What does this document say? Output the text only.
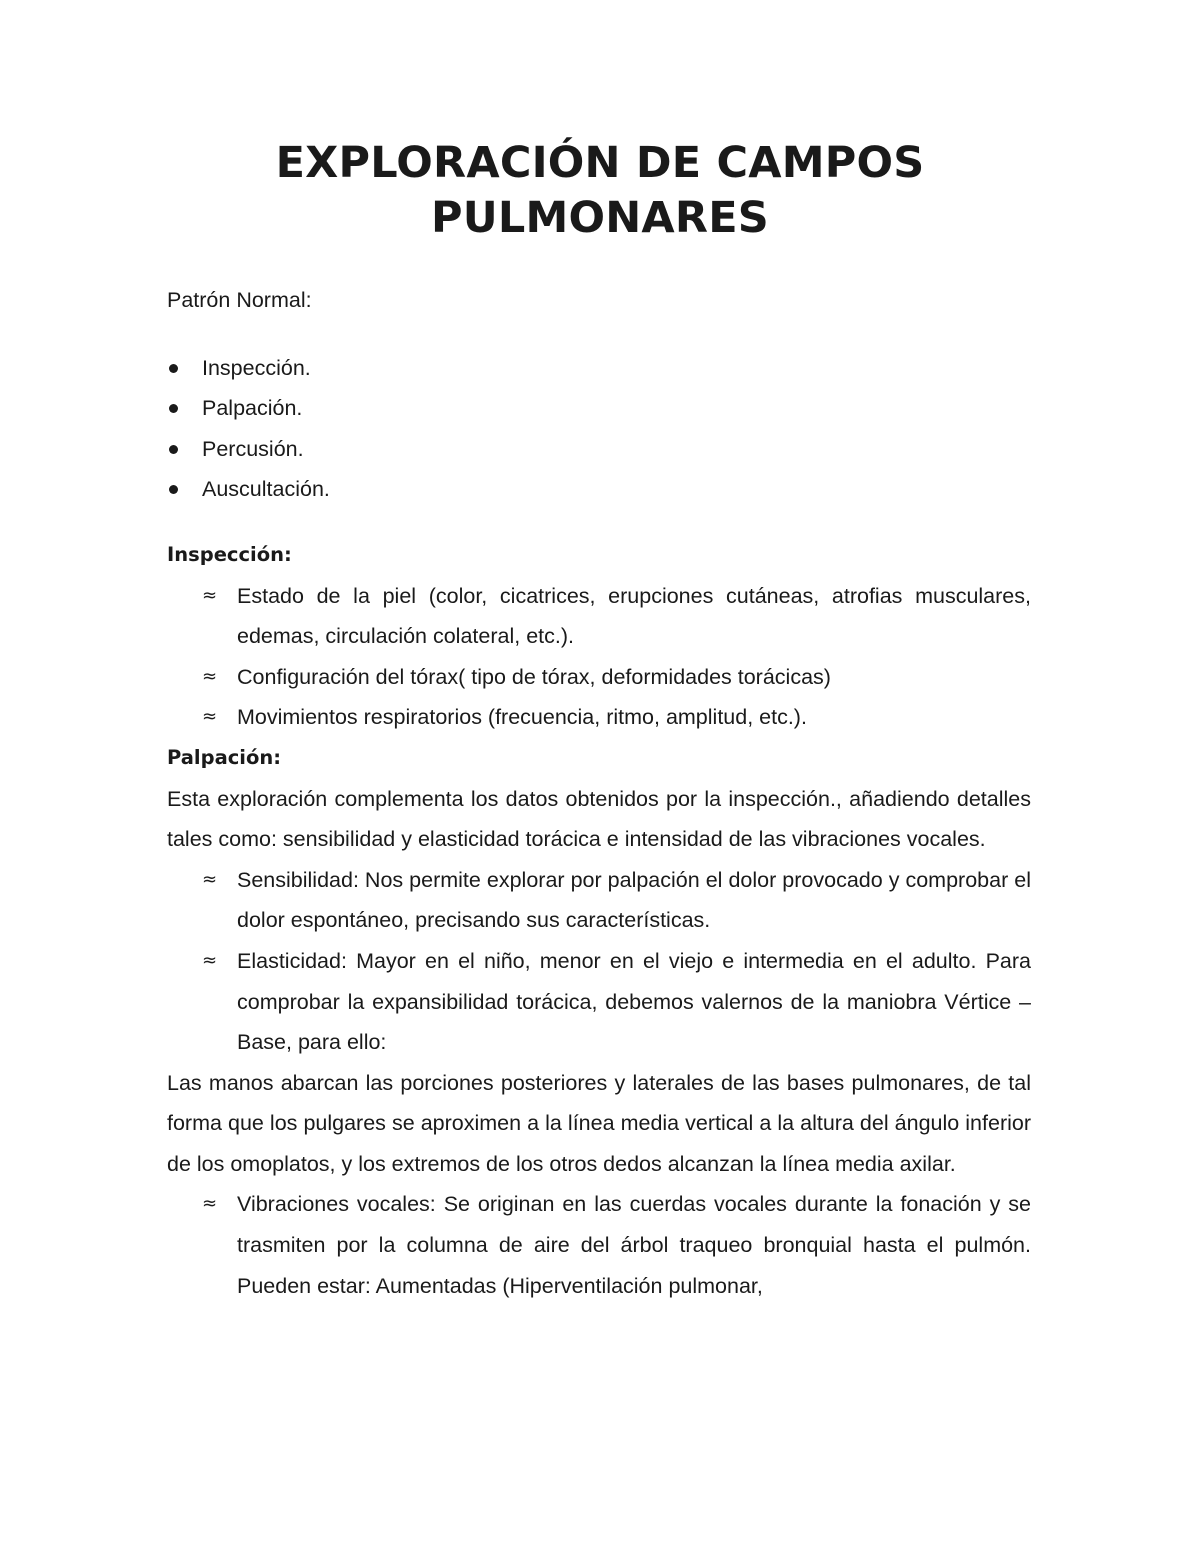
EXPLORACIÓN DE CAMPOS
PULMONARES

Patrón Normal:

Inspección.
Palpación.
Percusión.
Auscultación.

Inspección:

≈ Estado de la piel (color, cicatrices, erupciones cutáneas, atrofias musculares, edemas, circulación colateral, etc.).
≈ Configuración del tórax( tipo de tórax, deformidades torácicas)
≈ Movimientos respiratorios (frecuencia, ritmo, amplitud, etc.).

Palpación:

Esta exploración complementa los datos obtenidos por la inspección., añadiendo detalles tales como: sensibilidad y elasticidad torácica e intensidad de las vibraciones vocales.

≈ Sensibilidad: Nos permite explorar por palpación el dolor provocado y comprobar el dolor espontáneo, precisando sus características.
≈ Elasticidad: Mayor en el niño, menor en el viejo e intermedia en el adulto. Para comprobar la expansibilidad torácica, debemos valernos de la maniobra Vértice – Base, para ello:

Las manos abarcan las porciones posteriores y laterales de las bases pulmonares, de tal forma que los pulgares se aproximen a la línea media vertical a la altura del ángulo inferior de los omoplatos, y los extremos de los otros dedos alcanzan la línea media axilar.

≈ Vibraciones vocales: Se originan en las cuerdas vocales durante la fonación y se trasmiten por la columna de aire del árbol traqueo bronquial hasta el pulmón. Pueden estar: Aumentadas (Hiperventilación pulmonar,
